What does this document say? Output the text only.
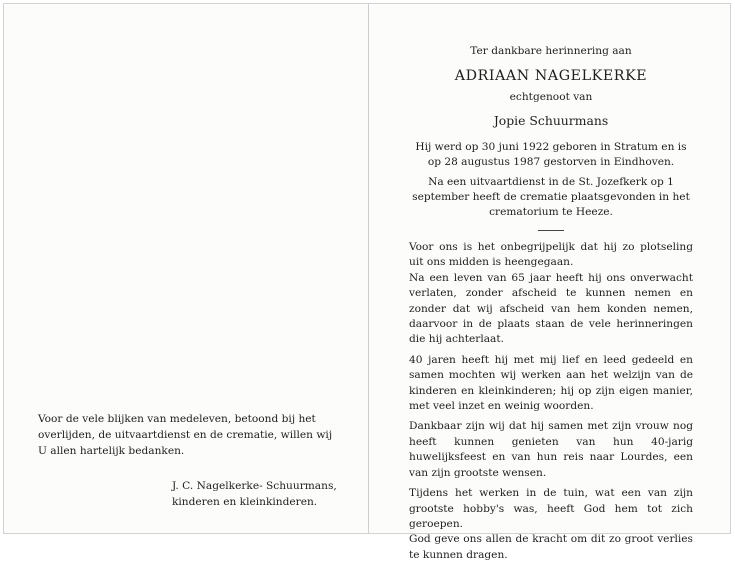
Voor de vele blijken van medeleven, betoond bij het overlijden, de uitvaartdienst en de crematie, willen wij U allen hartelijk bedanken.

J. C. Nagelkerke- Schuurmans,
kinderen en kleinkinderen.
Ter dankbare herinnering aan
ADRIAAN NAGELKERKE
echtgenoot van
Jopie Schuurmans
Hij werd op 30 juni 1922 geboren in Stratum en is op 28 augustus 1987 gestorven in Eindhoven.
Na een uitvaartdienst in de St. Jozefkerk op 1 september heeft de crematie plaatsgevonden in het crematorium te Heeze.

Voor ons is het onbegrijpelijk dat hij zo plotseling uit ons midden is heengegaan.

Na een leven van 65 jaar heeft hij ons onverwacht verlaten, zonder afscheid te kunnen nemen en zonder dat wij afscheid van hem konden nemen, daarvoor in de plaats staan de vele herinneringen die hij achterlaat.

40 jaren heeft hij met mij lief en leed gedeeld en samen mochten wij werken aan het welzijn van de kinderen en kleinkinderen; hij op zijn eigen manier, met veel inzet en weinig woorden.

Dankbaar zijn wij dat hij samen met zijn vrouw nog heeft kunnen genieten van hun 40-jarig huwelijksfeest en van hun reis naar Lourdes, een van zijn grootste wensen.

Tijdens het werken in de tuin, wat een van zijn grootste hobby's was, heeft God hem tot zich geroepen.

God geve ons allen de kracht om dit zo groot verlies te kunnen dragen.
